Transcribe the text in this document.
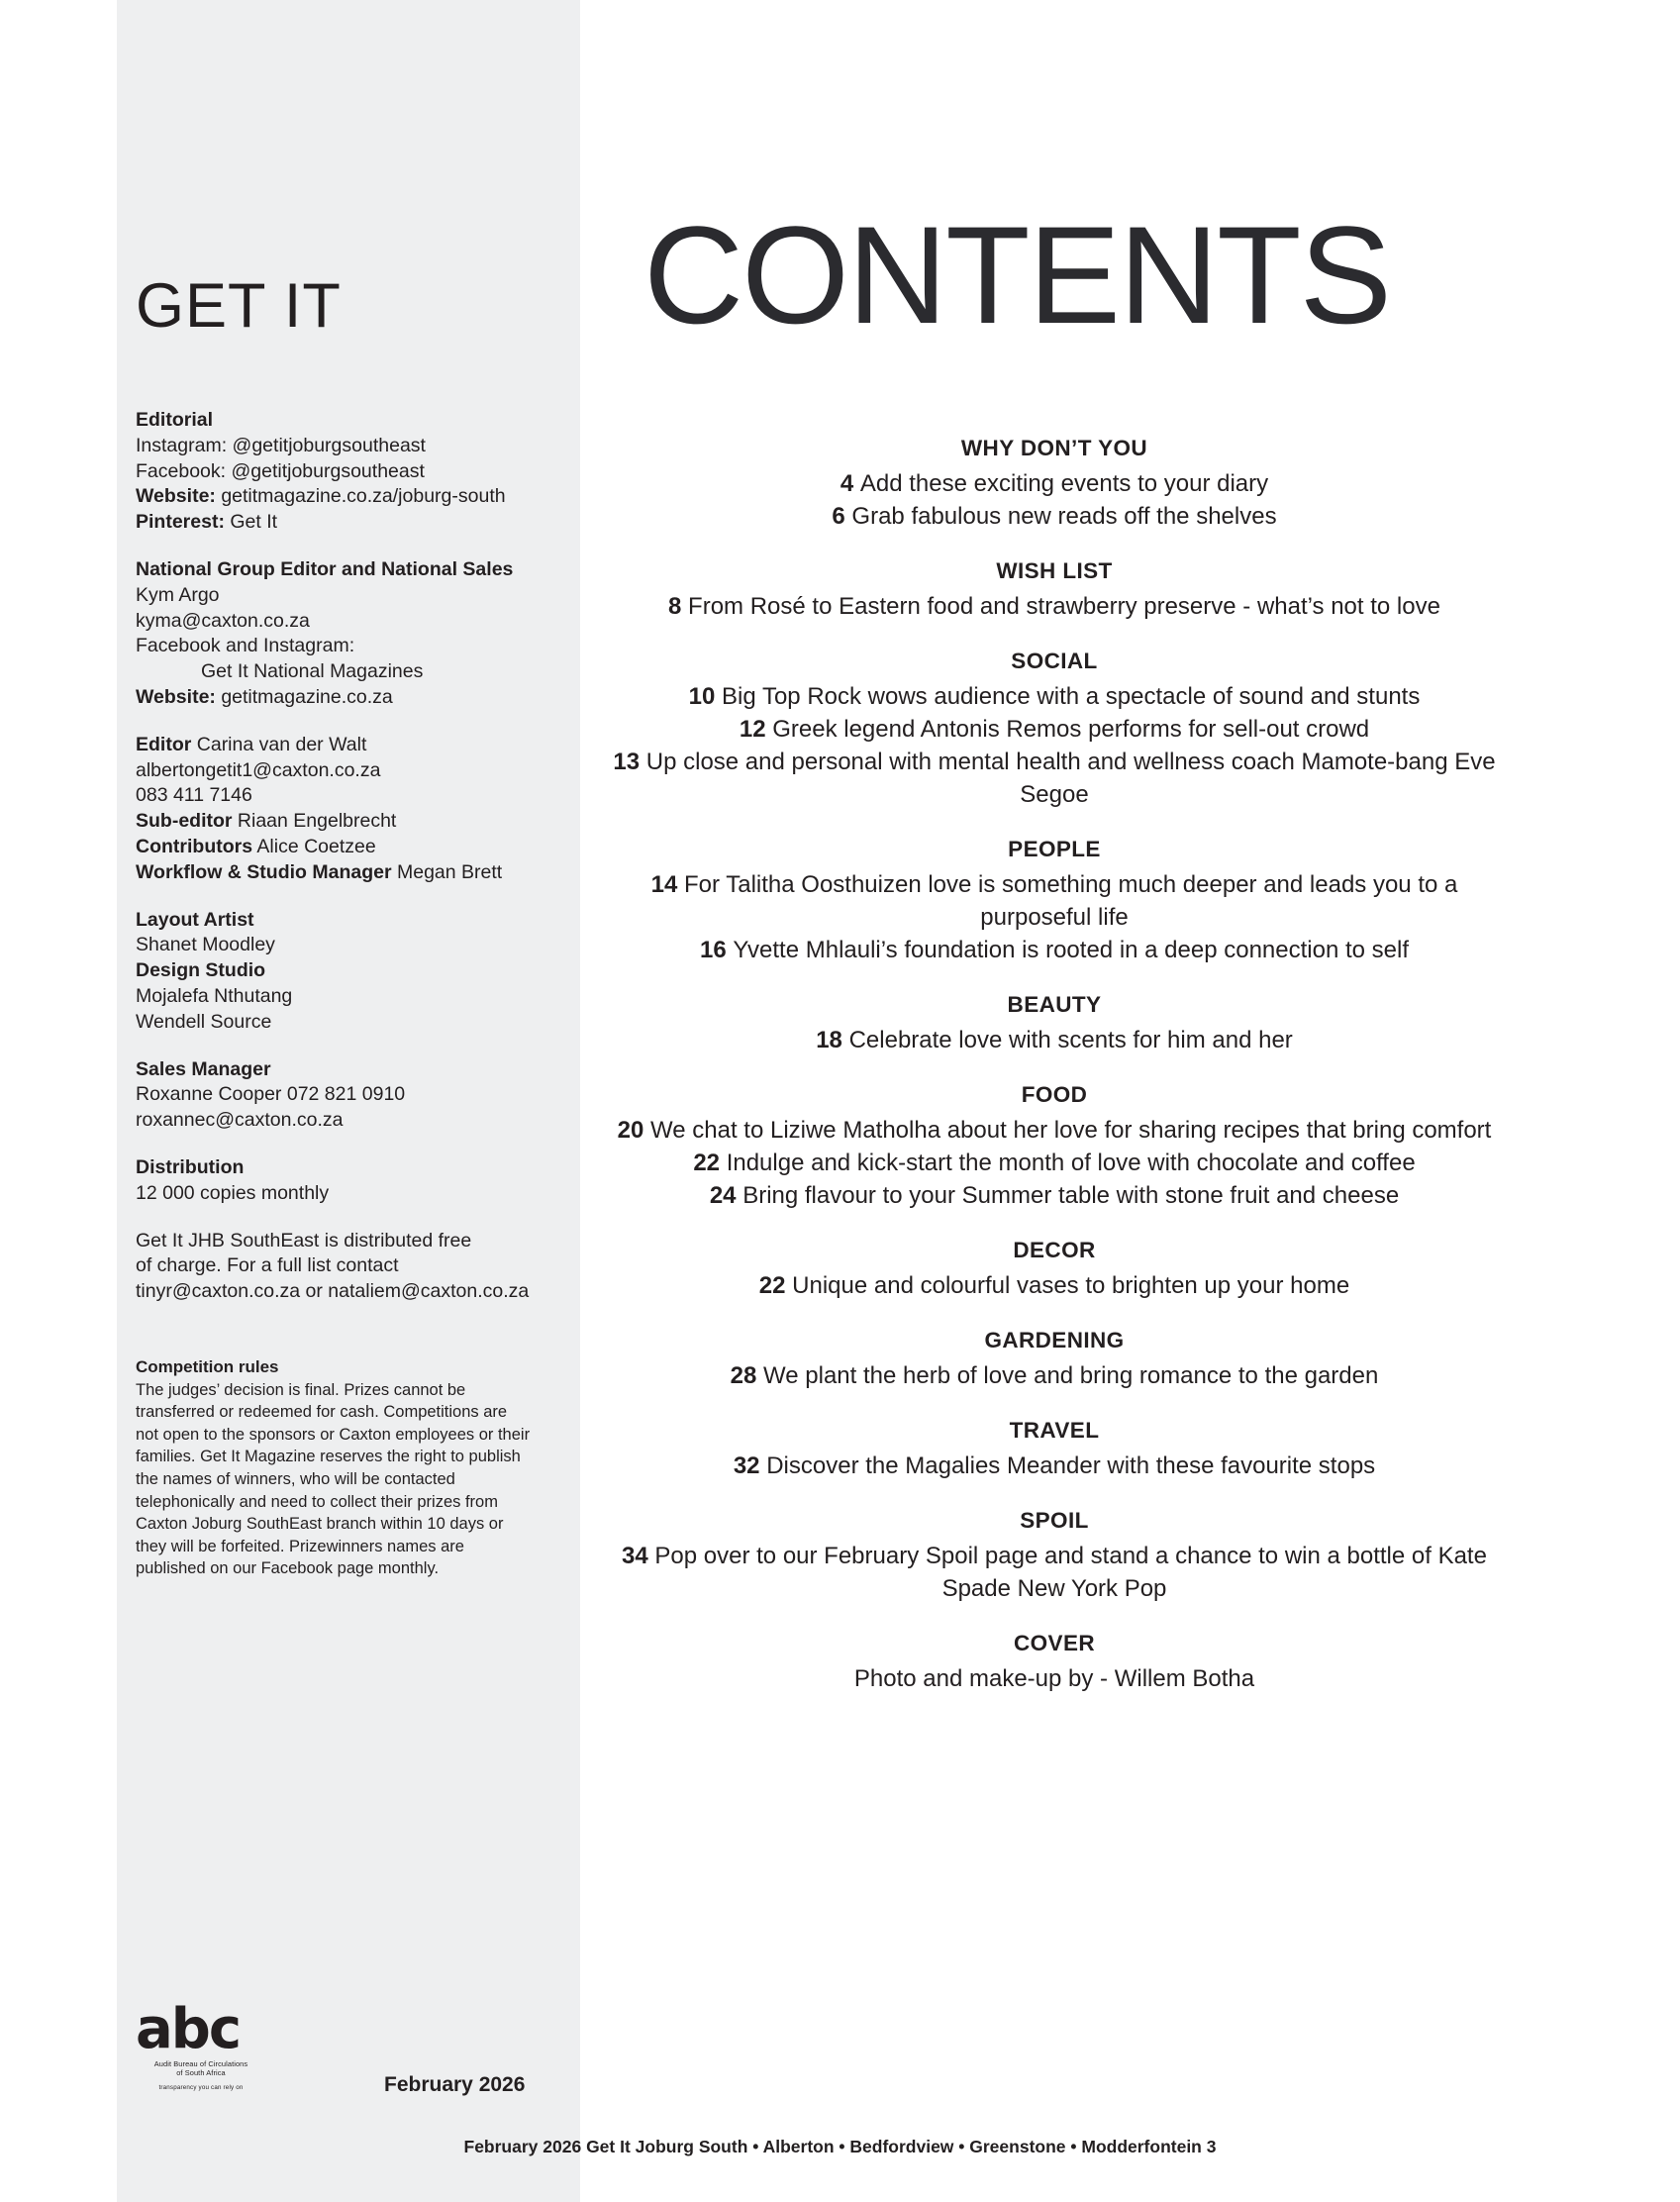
GET IT
Editorial
Instagram: @getitjoburgsoutheast
Facebook: @getitjoburgsoutheast
Website: getitmagazine.co.za/joburg-south
Pinterest: Get It
National Group Editor and National Sales
Kym Argo
kyma@caxton.co.za
Facebook and Instagram:
Get It National Magazines
Website: getitmagazine.co.za
Editor Carina van der Walt
albertongetit1@caxton.co.za
083 411 7146
Sub-editor Riaan Engelbrecht
Contributors Alice Coetzee
Workflow & Studio Manager Megan Brett
Layout Artist
Shanet Moodley
Design Studio
Mojalefa Nthutang
Wendell Source
Sales Manager
Roxanne Cooper 072 821 0910
roxannec@caxton.co.za
Distribution
12 000 copies monthly
Get It JHB SouthEast is distributed free
of charge. For a full list contact
tinyr@caxton.co.za or nataliem@caxton.co.za
Competition rules
The judges’ decision is final. Prizes cannot be transferred or redeemed for cash. Competitions are not open to the sponsors or Caxton employees or their families. Get It Magazine reserves the right to publish the names of winners, who will be contacted telephonically and need to collect their prizes from Caxton Joburg SouthEast branch within 10 days or they will be forfeited. Prizewinners names are published on our Facebook page monthly.
abc
Audit Bureau of Circulations
of South Africa
transparency you can rely on	February 2026
CONTENTS
WHY DON’T YOU
4 Add these exciting events to your diary
6 Grab fabulous new reads off the shelves
WISH LIST
8 From Rosé to Eastern food and strawberry preserve - what’s not to love
SOCIAL
10 Big Top Rock wows audience with a spectacle of sound and stunts
12 Greek legend Antonis Remos performs for sell-out crowd
13 Up close and personal with mental health and wellness coach Mamote-bang Eve Segoe
PEOPLE
14 For Talitha Oosthuizen love is something much deeper and leads you to a purposeful life
16 Yvette Mhlauli’s foundation is rooted in a deep connection to self
BEAUTY
18 Celebrate love with scents for him and her
FOOD
20 We chat to Liziwe Matholha about her love for sharing recipes that bring comfort
22 Indulge and kick-start the month of love with chocolate and coffee
24 Bring flavour to your Summer table with stone fruit and cheese
DECOR
22 Unique and colourful vases to brighten up your home
GARDENING
28 We plant the herb of love and bring romance to the garden
TRAVEL
32 Discover the Magalies Meander with these favourite stops
SPOIL
34 Pop over to our February Spoil page and stand a chance to win a bottle of Kate Spade New York Pop
COVER
Photo and make-up by - Willem Botha
February 2026 Get It Joburg South • Alberton • Bedfordview • Greenstone • Modderfontein 3
